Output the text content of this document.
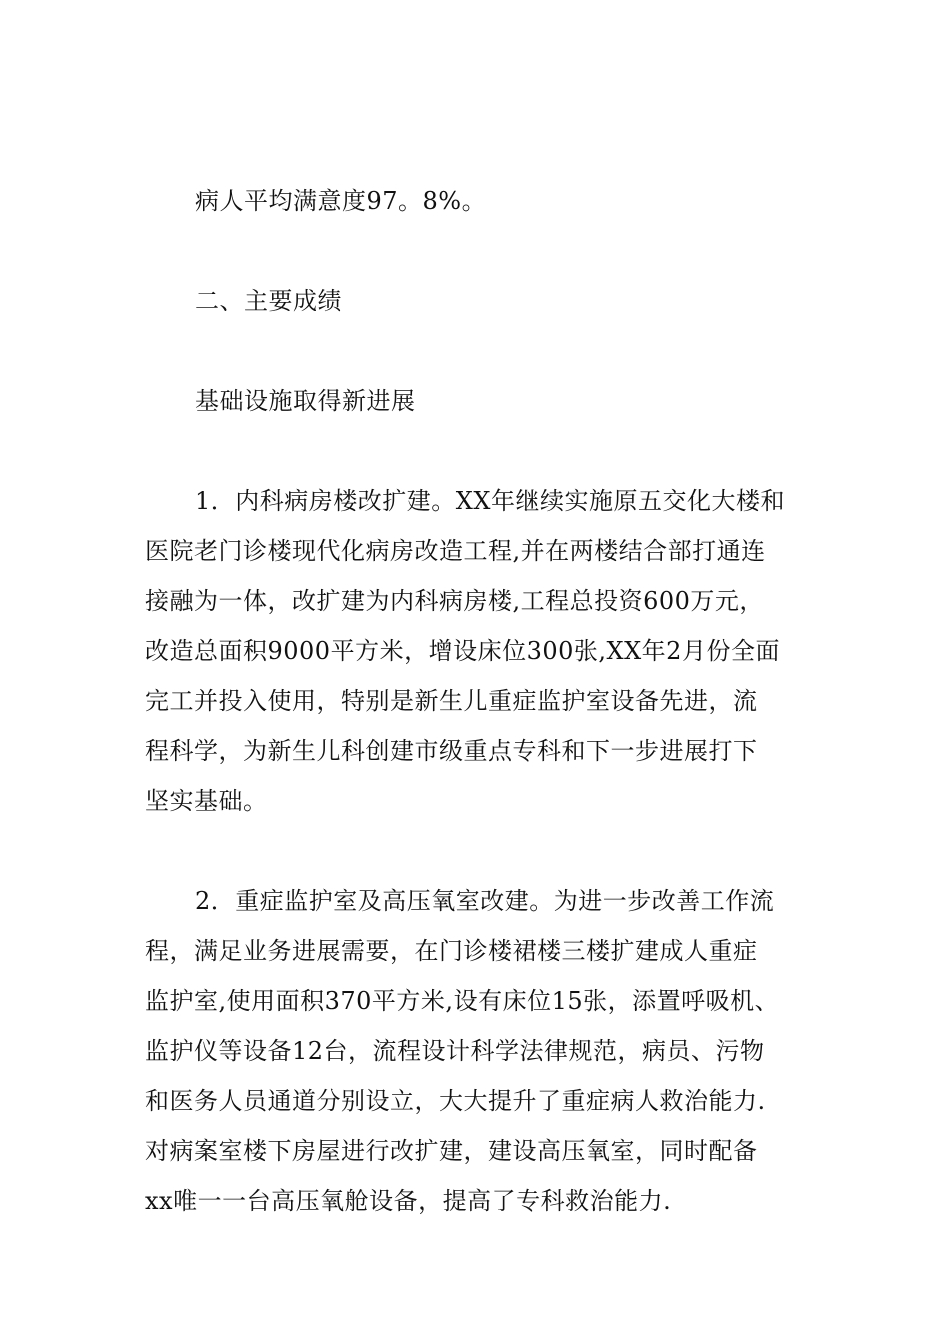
病人平均满意度97。8%。
二、主要成绩
基础设施取得新进展
1．内科病房楼改扩建。XX年继续实施原五交化大楼和
医院老门诊楼现代化病房改造工程,并在两楼结合部打通连
接融为一体，改扩建为内科病房楼,工程总投资600万元，
改造总面积9000平方米，增设床位300张,XX年2月份全面
完工并投入使用，特别是新生儿重症监护室设备先进，流
程科学，为新生儿科创建市级重点专科和下一步进展打下
坚实基础。
2．重症监护室及高压氧室改建。为进一步改善工作流
程，满足业务进展需要，在门诊楼裙楼三楼扩建成人重症
监护室,使用面积370平方米,设有床位15张，添置呼吸机、
监护仪等设备12台，流程设计科学法律规范，病员、污物
和医务人员通道分别设立，大大提升了重症病人救治能力.
对病案室楼下房屋进行改扩建，建设高压氧室，同时配备
xx唯一一台高压氧舱设备，提高了专科救治能力.
